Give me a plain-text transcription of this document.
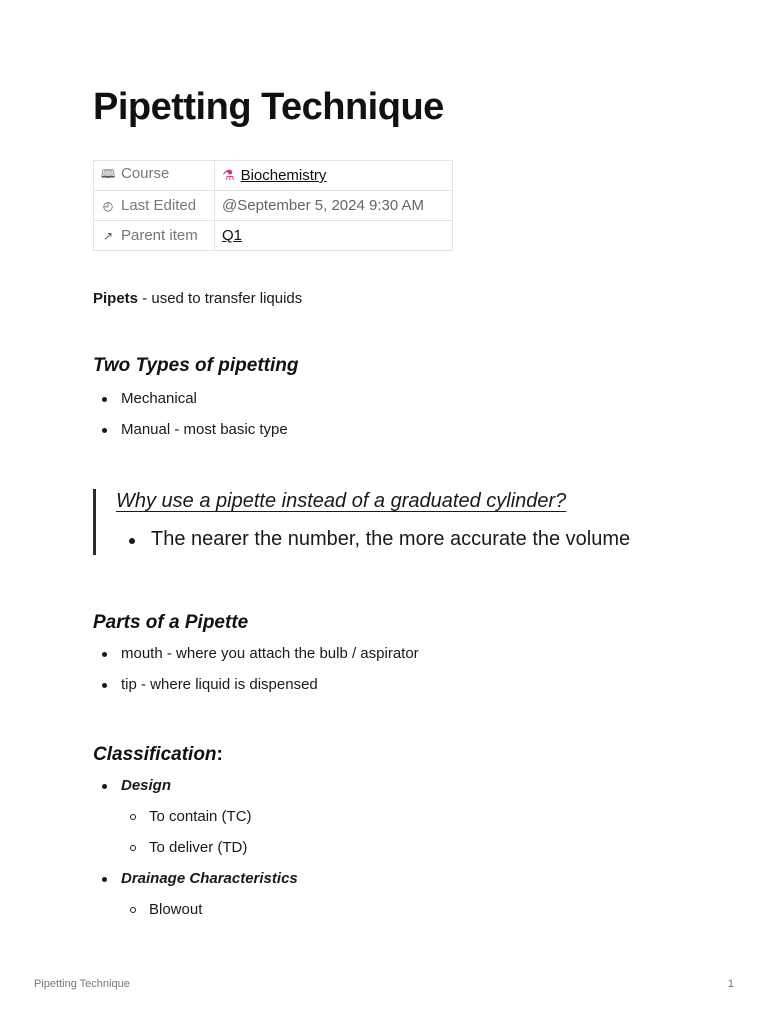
Pipetting Technique
🕮 Course	⚗ Biochemistry
◴ Last Edited	@September 5, 2024 9:30 AM
↗ Parent item	Q1
Pipets - used to transfer liquids
Two Types of pipetting
Mechanical
Manual - most basic type
Why use a pipette instead of a graduated cylinder?
The nearer the number, the more accurate the volume
Parts of a Pipette
mouth - where you attach the bulb / aspirator
tip - where liquid is dispensed
Classification:
Design
To contain (TC)
To deliver (TD)
Drainage Characteristics
Blowout
Pipetting Technique	1
